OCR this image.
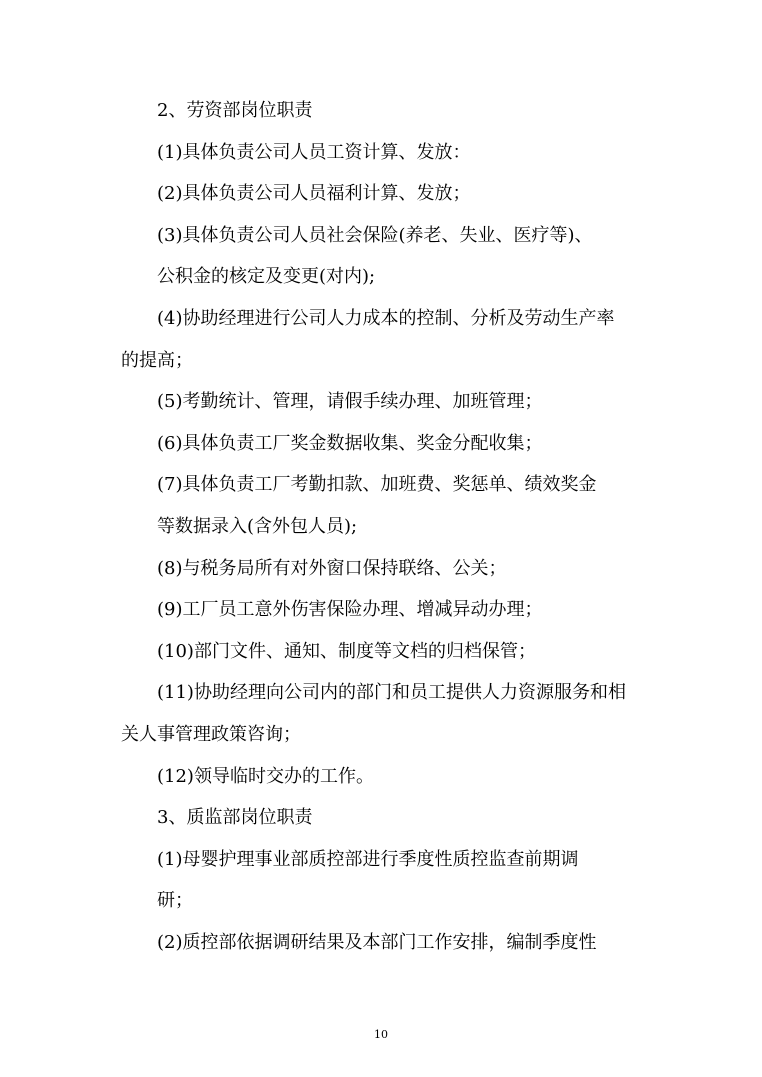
2、劳资部岗位职责
(1)具体负责公司人员工资计算、发放：
(2)具体负责公司人员福利计算、发放；
(3)具体负责公司人员社会保险(养老、失业、医疗等)、
公积金的核定及变更(对内);
(4)协助经理进行公司人力成本的控制、分析及劳动生产率
的提高；
(5)考勤统计、管理，请假手续办理、加班管理；
(6)具体负责工厂奖金数据收集、奖金分配收集；
(7)具体负责工厂考勤扣款、加班费、奖惩单、绩效奖金
等数据录入(含外包人员);
(8)与税务局所有对外窗口保持联络、公关；
(9)工厂员工意外伤害保险办理、增减异动办理；
(10)部门文件、通知、制度等文档的归档保管；
(11)协助经理向公司内的部门和员工提供人力资源服务和相
关人事管理政策咨询；
(12)领导临时交办的工作。
3、质监部岗位职责
(1)母婴护理事业部质控部进行季度性质控监查前期调
研；
(2)质控部依据调研结果及本部门工作安排，编制季度性
10
